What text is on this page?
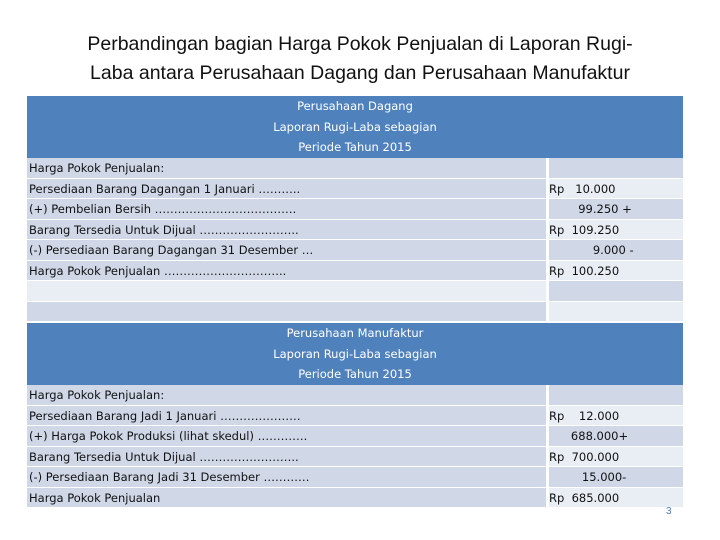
Perbandingan bagian Harga Pokok Penjualan di Laporan Rugi-
Laba antara Perusahaan Dagang dan Perusahaan Manufaktur
Perusahaan Dagang
Laporan Rugi-Laba sebagian
Periode Tahun 2015
Harga Pokok Penjualan:
Persediaan Barang Dagangan 1 Januari ………..	Rp   10.000
(+) Pembelian Bersih ……………………………….	99.250 +
Barang Tersedia Untuk Dijual ……………………..	Rp  109.250
(-) Persediaan Barang Dagangan 31 Desember …	9.000 -
Harga Pokok Penjualan …………………………..	Rp  100.250
Perusahaan Manufaktur
Laporan Rugi-Laba sebagian
Periode Tahun 2015
Harga Pokok Penjualan:
Persediaan Barang Jadi 1 Januari …………………	Rp    12.000
(+) Harga Pokok Produksi (lihat skedul) ………….	688.000+
Barang Tersedia Untuk Dijual ……………………..	Rp  700.000
(-) Persediaan Barang Jadi 31 Desember …………	15.000-
Harga Pokok Penjualan	Rp  685.000
3
